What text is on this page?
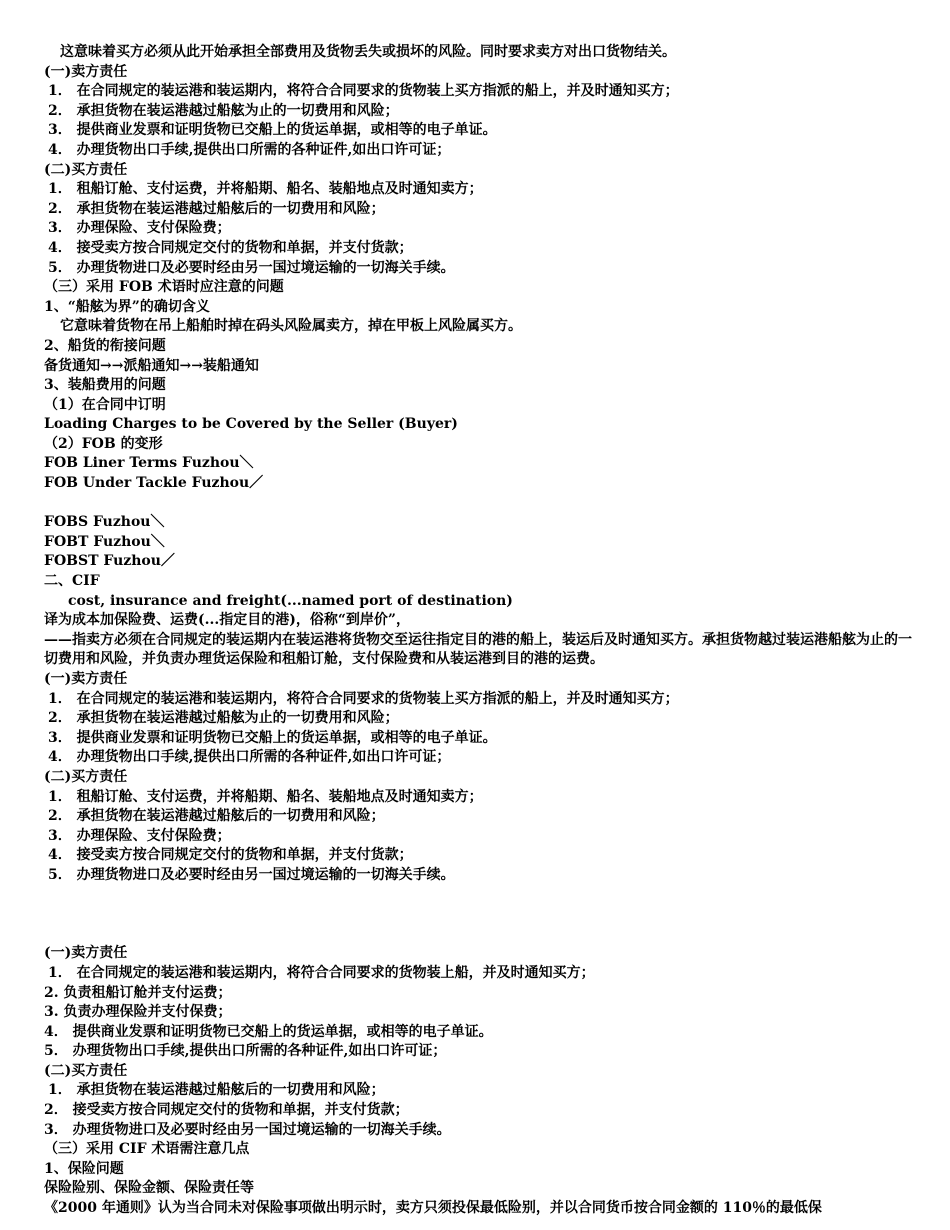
这意味着买方必须从此开始承担全部费用及货物丢失或损坏的风险。同时要求卖方对出口货物结关。
(一)卖方责任
1． 在合同规定的装运港和装运期内，将符合合同要求的货物装上买方指派的船上，并及时通知买方；
2． 承担货物在装运港越过船舷为止的一切费用和风险；
3． 提供商业发票和证明货物已交船上的货运单据，或相等的电子单证。
4． 办理货物出口手续,提供出口所需的各种证件,如出口许可证；
(二)买方责任
1． 租船订舱、支付运费，并将船期、船名、装船地点及时通知卖方；
2． 承担货物在装运港越过船舷后的一切费用和风险；
3． 办理保险、支付保险费；
4． 接受卖方按合同规定交付的货物和单据，并支付货款；
5． 办理货物进口及必要时经由另一国过境运输的一切海关手续。
（三）采用 FOB 术语时应注意的问题
1、“船舷为界”的确切含义
它意味着货物在吊上船舶时掉在码头风险属卖方，掉在甲板上风险属买方。
2、船货的衔接问题
备货通知→→派船通知→→装船通知
3、装船费用的问题
（1）在合同中订明
Loading Charges to be Covered by the Seller (Buyer)
（2）FOB 的变形
FOB Liner Terms Fuzhou＼
FOB Under Tackle Fuzhou／
FOBS Fuzhou＼
FOBT Fuzhou＼
FOBST Fuzhou／
二、CIF
cost, insurance and freight(...named port of destination)
译为成本加保险费、运费(...指定目的港)，俗称“到岸价”，
——指卖方必须在合同规定的装运期内在装运港将货物交至运往指定目的港的船上，装运后及时通知买方。承担货物越过装运港船舷为止的一切费用和风险，并负责办理货运保险和租船订舱，支付保险费和从装运港到目的港的运费。
(一)卖方责任
1． 在合同规定的装运港和装运期内，将符合合同要求的货物装上买方指派的船上，并及时通知买方；
2． 承担货物在装运港越过船舷为止的一切费用和风险；
3． 提供商业发票和证明货物已交船上的货运单据，或相等的电子单证。
4． 办理货物出口手续,提供出口所需的各种证件,如出口许可证；
(二)买方责任
1． 租船订舱、支付运费，并将船期、船名、装船地点及时通知卖方；
2． 承担货物在装运港越过船舷后的一切费用和风险；
3． 办理保险、支付保险费；
4． 接受卖方按合同规定交付的货物和单据，并支付货款；
5． 办理货物进口及必要时经由另一国过境运输的一切海关手续。
(一)卖方责任
1． 在合同规定的装运港和装运期内，将符合合同要求的货物装上船，并及时通知买方；
2. 负责租船订舱并支付运费；
3. 负责办理保险并支付保费；
4． 提供商业发票和证明货物已交船上的货运单据，或相等的电子单证。
5． 办理货物出口手续,提供出口所需的各种证件,如出口许可证；
(二)买方责任
1． 承担货物在装运港越过船舷后的一切费用和风险；
2． 接受卖方按合同规定交付的货物和单据，并支付货款；
3． 办理货物进口及必要时经由另一国过境运输的一切海关手续。
（三）采用 CIF 术语需注意几点
1、保险问题
保险险别、保险金额、保险责任等
《2000 年通则》认为当合同未对保险事项做出明示时，卖方只须投保最低险别，并以合同货币按合同金额的 110％的最低保
